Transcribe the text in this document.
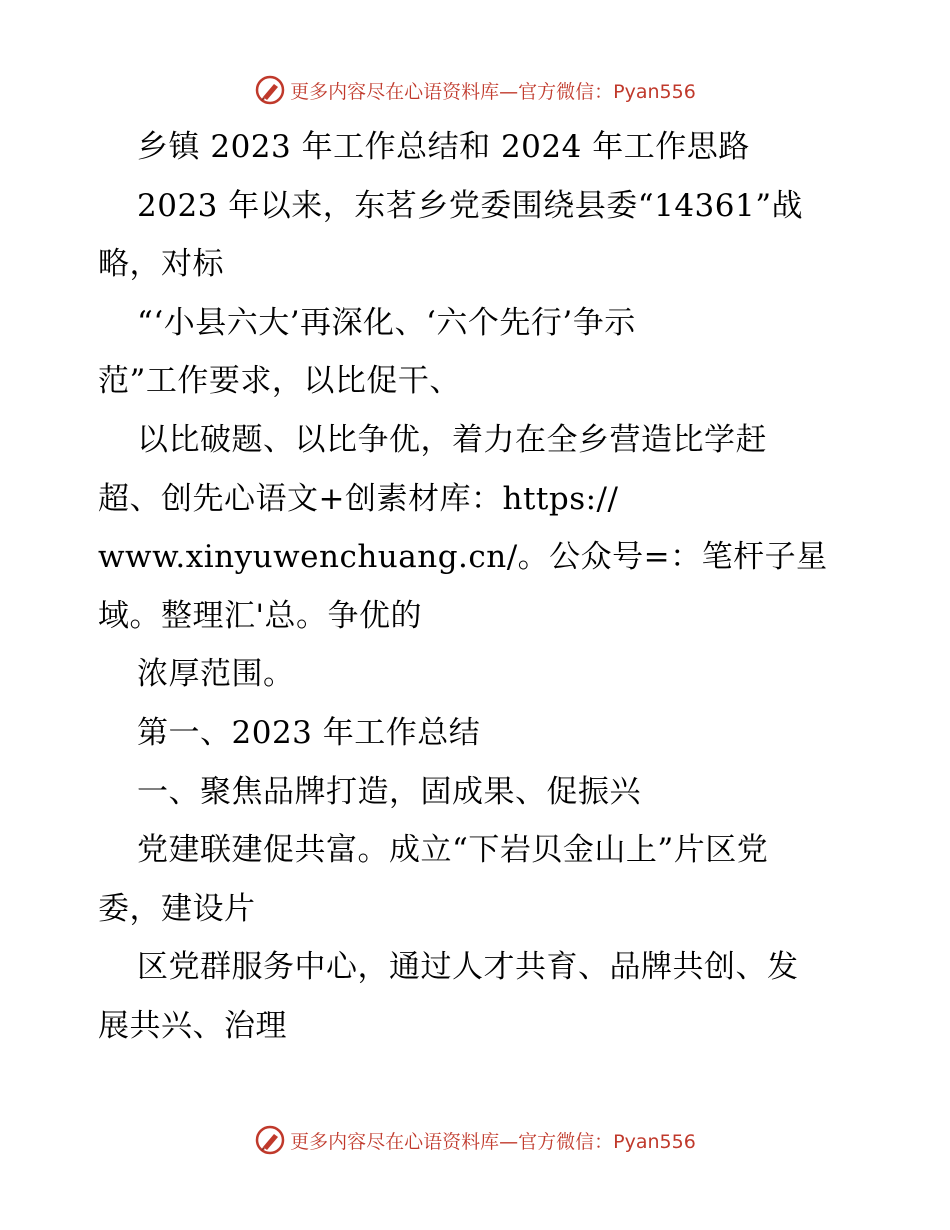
更多内容尽在心语资料库—官方微信：Pyan556
乡镇 2023 年工作总结和 2024 年工作思路
2023 年以来，东茗乡党委围绕县委“14361”战
略，对标
“‘小县六大’再深化、‘六个先行’争示
范”工作要求，以比促干、
以比破题、以比争优，着力在全乡营造比学赶
超、创先心语文+创素材库：https://
www.xinyuwenchuang.cn/。公众号=：笔杆子星
域。整理汇'总。争优的
浓厚范围。
第一、2023 年工作总结
一、聚焦品牌打造，固成果、促振兴
党建联建促共富。成立“下岩贝金山上”片区党
委，建设片
区党群服务中心，通过人才共育、品牌共创、发
展共兴、治理
更多内容尽在心语资料库—官方微信：Pyan556
